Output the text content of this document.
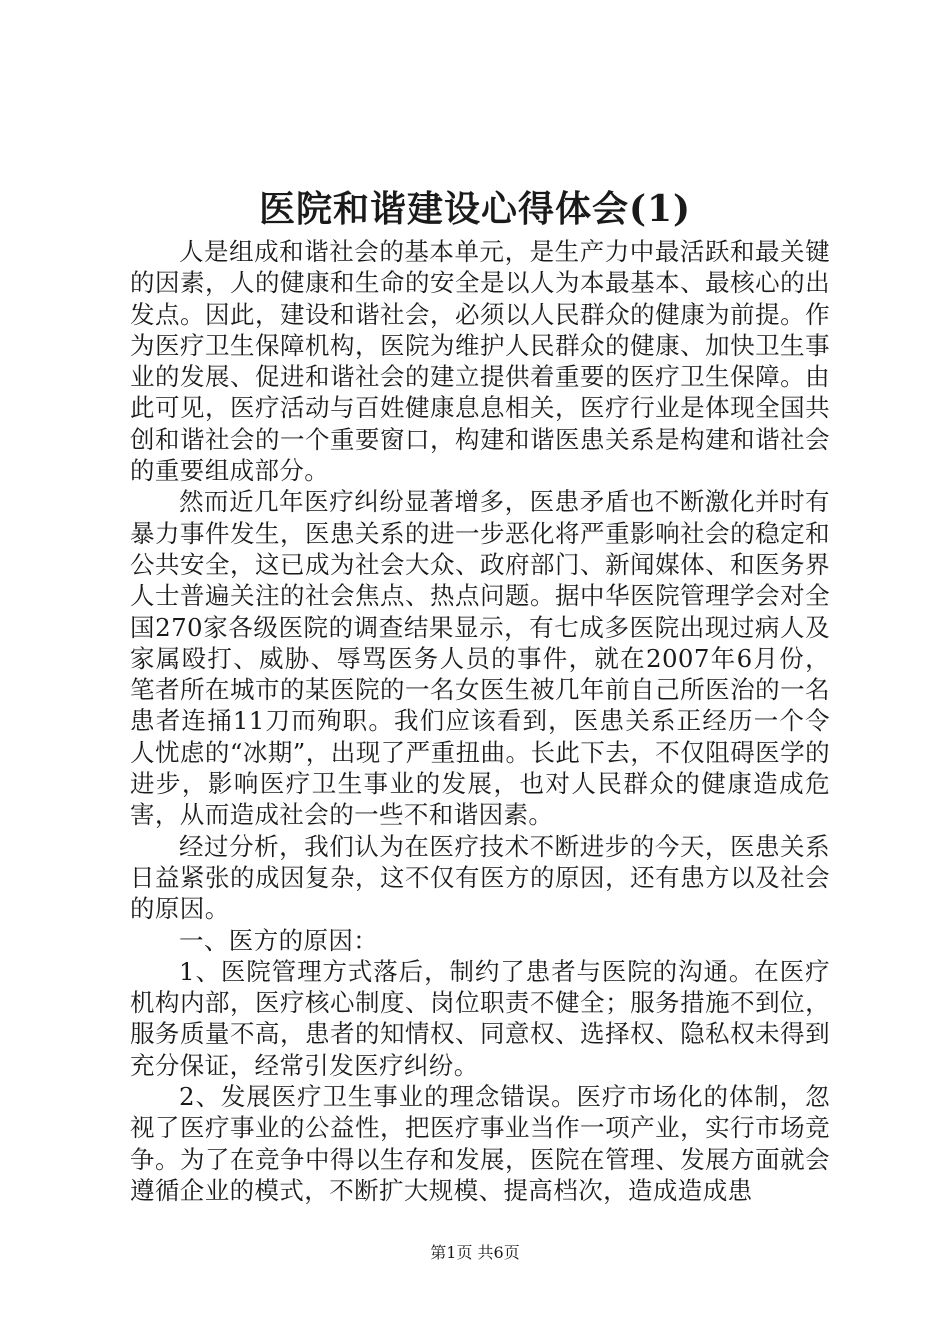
医院和谐建设心得体会(1)

人是组成和谐社会的基本单元，是生产力中最活跃和最关键的因素，人的健康和生命的安全是以人为本最基本、最核心的出发点。因此，建设和谐社会，必须以人民群众的健康为前提。作为医疗卫生保障机构，医院为维护人民群众的健康、加快卫生事业的发展、促进和谐社会的建立提供着重要的医疗卫生保障。由此可见，医疗活动与百姓健康息息相关，医疗行业是体现全国共创和谐社会的一个重要窗口，构建和谐医患关系是构建和谐社会的重要组成部分。

然而近几年医疗纠纷显著增多，医患矛盾也不断激化并时有暴力事件发生，医患关系的进一步恶化将严重影响社会的稳定和公共安全，这已成为社会大众、政府部门、新闻媒体、和医务界人士普遍关注的社会焦点、热点问题。据中华医院管理学会对全国270家各级医院的调查结果显示，有七成多医院出现过病人及家属殴打、威胁、辱骂医务人员的事件，就在2007年6月份，笔者所在城市的某医院的一名女医生被几年前自己所医治的一名患者连捅11刀而殉职。我们应该看到，医患关系正经历一个令人忧虑的“冰期”，出现了严重扭曲。长此下去，不仅阻碍医学的进步，影响医疗卫生事业的发展，也对人民群众的健康造成危害，从而造成社会的一些不和谐因素。

经过分析，我们认为在医疗技术不断进步的今天，医患关系日益紧张的成因复杂，这不仅有医方的原因，还有患方以及社会的原因。

一、医方的原因：

1、医院管理方式落后，制约了患者与医院的沟通。在医疗机构内部，医疗核心制度、岗位职责不健全；服务措施不到位，服务质量不高，患者的知情权、同意权、选择权、隐私权未得到充分保证，经常引发医疗纠纷。

2、发展医疗卫生事业的理念错误。医疗市场化的体制，忽视了医疗事业的公益性，把医疗事业当作一项产业，实行市场竞争。为了在竞争中得以生存和发展，医院在管理、发展方面就会遵循企业的模式，不断扩大规模、提高档次，造成造成患

第1页 共6页
